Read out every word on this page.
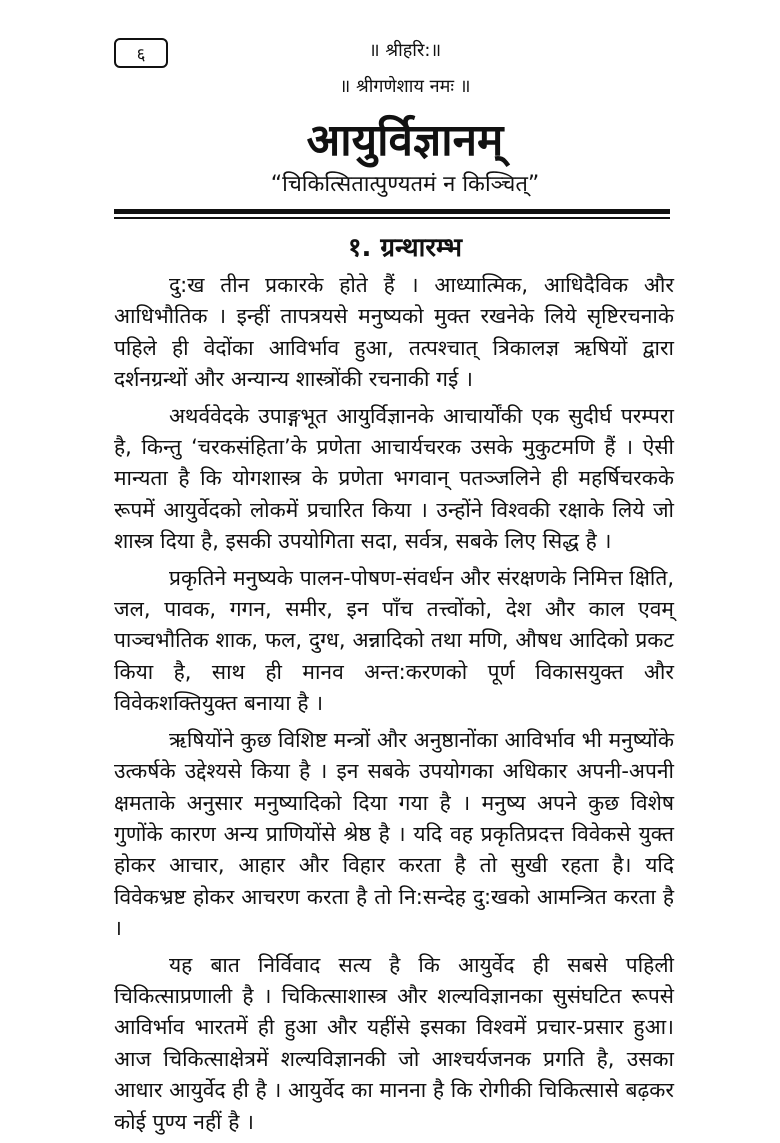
६	॥ श्रीहरि:॥
॥ श्रीगणेशाय नमः ॥
आयुर्विज्ञानम्
“चिकित्सितात्पुण्यतमं न किञ्चित्”
१. ग्रन्थारम्भ

दु:ख तीन प्रकारके होते हैं । आध्यात्मिक, आधिदैविक और आधिभौतिक । इन्हीं तापत्रयसे मनुष्यको मुक्त रखनेके लिये सृष्टिरचनाके पहिले ही वेदोंका आविर्भाव हुआ, तत्पश्चात् त्रिकालज्ञ ऋषियों द्वारा दर्शनग्रन्थों और अन्यान्य शास्त्रोंकी रचनाकी गई ।

अथर्ववेदके उपाङ्गभूत आयुर्विज्ञानके आचार्योंकी एक सुदीर्घ परम्परा है, किन्तु ‘चरकसंहिता’के प्रणेता आचार्यचरक उसके मुकुटमणि हैं । ऐसी मान्यता है कि योगशास्त्र के प्रणेता भगवान् पतञ्जलिने ही महर्षिचरकके रूपमें आयुर्वेदको लोकमें प्रचारित किया । उन्होंने विश्वकी रक्षाके लिये जो शास्त्र दिया है, इसकी उपयोगिता सदा, सर्वत्र, सबके लिए सिद्ध है ।

प्रकृतिने मनुष्यके पालन-पोषण-संवर्धन और संरक्षणके निमित्त क्षिति, जल, पावक, गगन, समीर, इन पाँच तत्त्वोंको, देश और काल एवम् पाञ्चभौतिक शाक, फल, दुग्ध, अन्नादिको तथा मणि, औषध आदिको प्रकट किया है, साथ ही मानव अन्त:करणको पूर्ण विकासयुक्त और विवेकशक्तियुक्त बनाया है ।

ऋषियोंने कुछ विशिष्ट मन्त्रों और अनुष्ठानोंका आविर्भाव भी मनुष्योंके उत्कर्षके उद्देश्यसे किया है । इन सबके उपयोगका अधिकार अपनी-अपनी क्षमताके अनुसार मनुष्यादिको दिया गया है । मनुष्य अपने कुछ विशेष गुणोंके कारण अन्य प्राणियोंसे श्रेष्ठ है । यदि वह प्रकृतिप्रदत्त विवेकसे युक्त होकर आचार, आहार और विहार करता है तो सुखी रहता है। यदि विवेकभ्रष्ट होकर आचरण करता है तो नि:सन्देह दु:खको आमन्त्रित करता है ।

यह बात निर्विवाद सत्य है कि आयुर्वेद ही सबसे पहिली चिकित्साप्रणाली है । चिकित्साशास्त्र और शल्यविज्ञानका सुसंघटित रूपसे आविर्भाव भारतमें ही हुआ और यहींसे इसका विश्वमें प्रचार-प्रसार हुआ। आज चिकित्साक्षेत्रमें शल्यविज्ञानकी जो आश्चर्यजनक प्रगति है, उसका आधार आयुर्वेद ही है । आयुर्वेद का मानना है कि रोगीकी चिकित्सासे बढ़कर कोई पुण्य नहीं है ।
